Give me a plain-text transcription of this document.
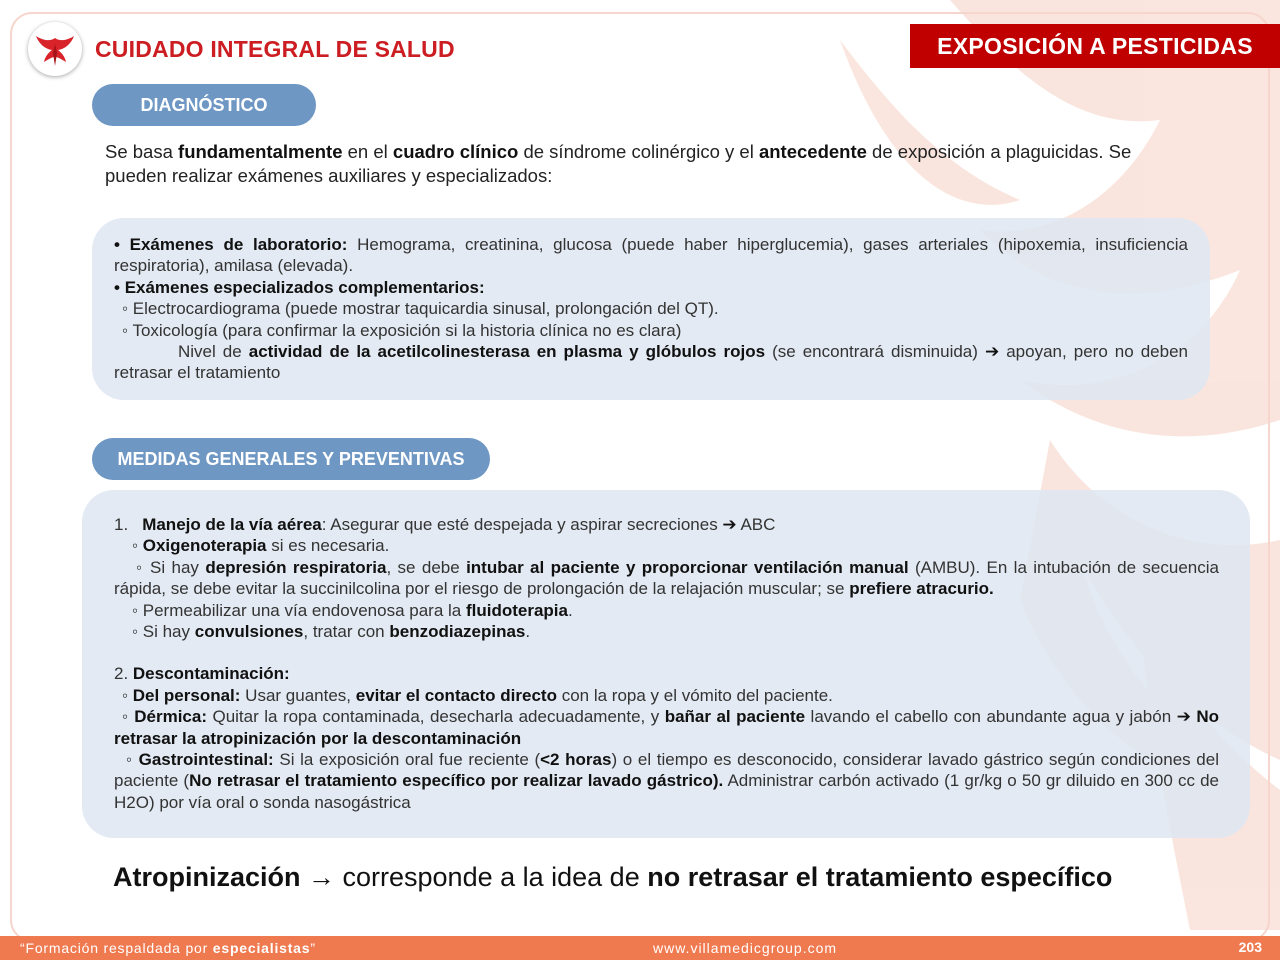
CUIDADO INTEGRAL DE SALUD	EXPOSICIÓN A PESTICIDAS
DIAGNÓSTICO
Se basa fundamentalmente en el cuadro clínico de síndrome colinérgico y el antecedente de exposición a plaguicidas. Se pueden realizar exámenes auxiliares y especializados:

• Exámenes de laboratorio: Hemograma, creatinina, glucosa (puede haber hiperglucemia), gases arteriales (hipoxemia, insuficiencia respiratoria), amilasa (elevada).

• Exámenes especializados complementarios:

◦ Electrocardiograma (puede mostrar taquicardia sinusal, prolongación del QT).

◦ Toxicología (para confirmar la exposición si la historia clínica no es clara)

Nivel de actividad de la acetilcolinesterasa en plasma y glóbulos rojos (se encontrará disminuida) ➔ apoyan, pero no deben retrasar el tratamiento

MEDIDAS GENERALES Y PREVENTIVAS

1. Manejo de la vía aérea: Asegurar que esté despejada y aspirar secreciones ➔ ABC

◦ Oxigenoterapia si es necesaria.

◦ Si hay depresión respiratoria, se debe intubar al paciente y proporcionar ventilación manual (AMBU). En la intubación de secuencia rápida, se debe evitar la succinilcolina por el riesgo de prolongación de la relajación muscular; se prefiere atracurio.

◦ Permeabilizar una vía endovenosa para la fluidoterapia.

◦ Si hay convulsiones, tratar con benzodiazepinas.

2. Descontaminación:

◦ Del personal: Usar guantes, evitar el contacto directo con la ropa y el vómito del paciente.

◦ Dérmica: Quitar la ropa contaminada, desecharla adecuadamente, y bañar al paciente lavando el cabello con abundante agua y jabón ➔ No retrasar la atropinización por la descontaminación

◦ Gastrointestinal: Si la exposición oral fue reciente (<2 horas) o el tiempo es desconocido, considerar lavado gástrico según condiciones del paciente (No retrasar el tratamiento específico por realizar lavado gástrico). Administrar carbón activado (1 gr/kg o 50 gr diluido en 300 cc de H2O) por vía oral o sonda nasogástrica

Atropinización → corresponde a la idea de no retrasar el tratamiento específico
“Formación respaldada por especialistas”	www.villamedicgroup.com	203
